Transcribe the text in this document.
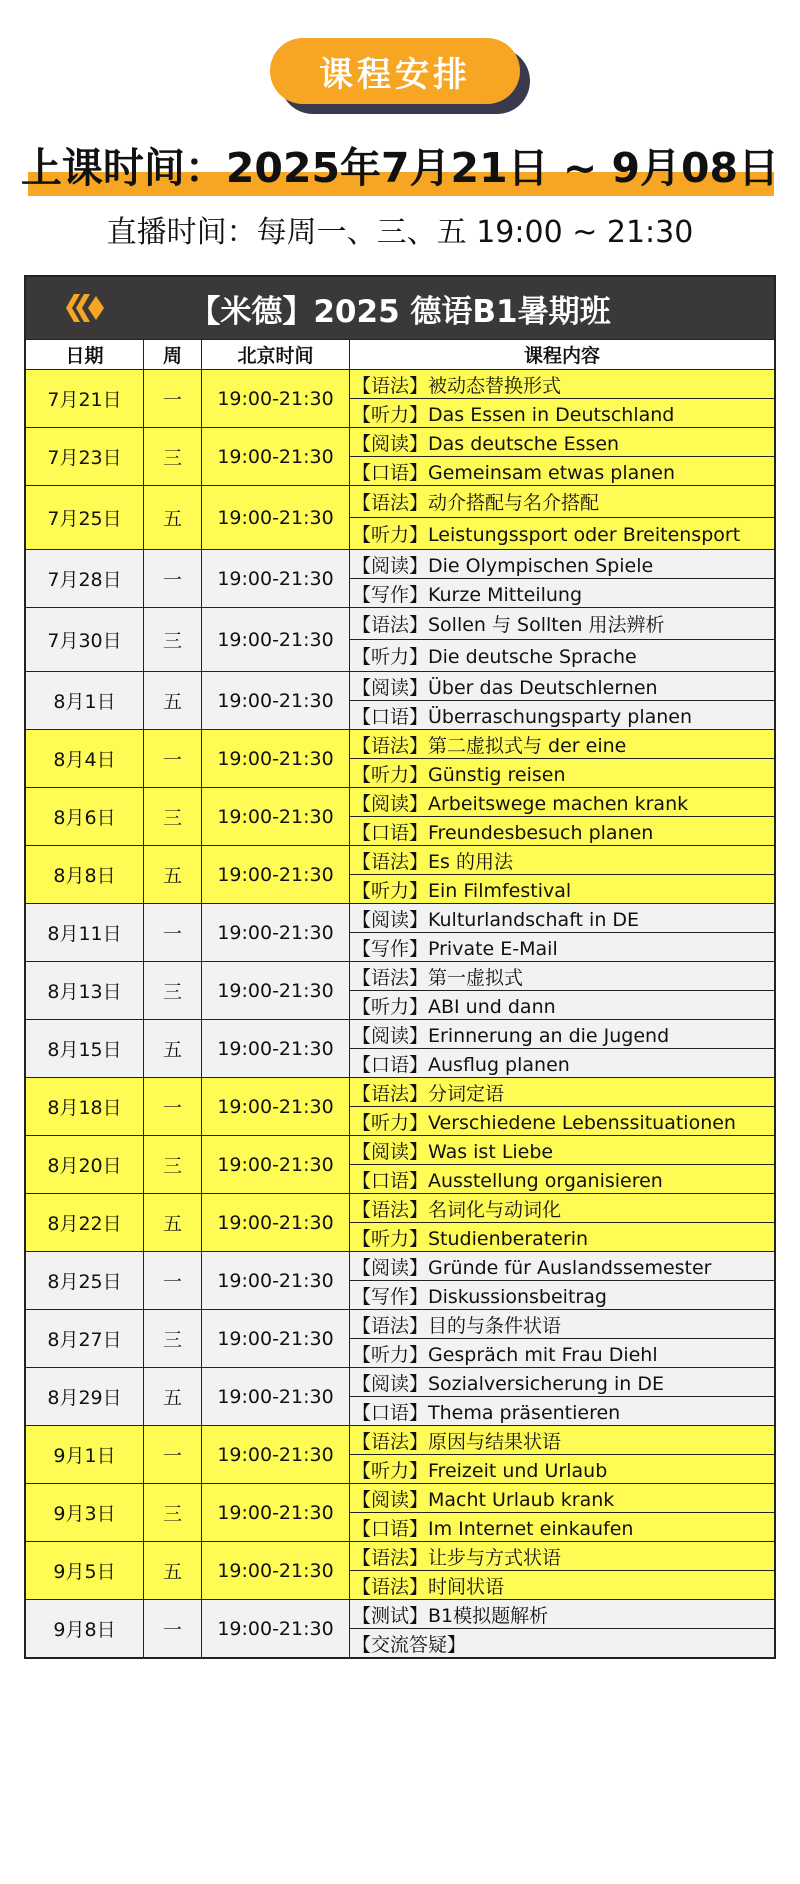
课程安排
上课时间：2025年7月21日 ~ 9月08日
直播时间：每周一、三、五 19:00 ~ 21:30
【米德】2025 德语B1暑期班
日期	周	北京时间	课程内容
7月21日	一	19:00-21:30
【语法】被动态替换形式
【听力】Das Essen in Deutschland
7月23日	三	19:00-21:30
【阅读】Das deutsche Essen
【口语】Gemeinsam etwas planen
7月25日	五	19:00-21:30
【语法】动介搭配与名介搭配
【听力】Leistungssport oder Breitensport
7月28日	一	19:00-21:30
【阅读】Die Olympischen Spiele
【写作】Kurze Mitteilung
7月30日	三	19:00-21:30
【语法】Sollen 与 Sollten 用法辨析
【听力】Die deutsche Sprache
8月1日	五	19:00-21:30
【阅读】Über das Deutschlernen
【口语】Überraschungsparty planen
8月4日	一	19:00-21:30
【语法】第二虚拟式与 der eine
【听力】Günstig reisen
8月6日	三	19:00-21:30
【阅读】Arbeitswege machen krank
【口语】Freundesbesuch planen
8月8日	五	19:00-21:30
【语法】Es 的用法
【听力】Ein Filmfestival
8月11日	一	19:00-21:30
【阅读】Kulturlandschaft in DE
【写作】Private E-Mail
8月13日	三	19:00-21:30
【语法】第一虚拟式
【听力】ABI und dann
8月15日	五	19:00-21:30
【阅读】Erinnerung an die Jugend
【口语】Ausflug planen
8月18日	一	19:00-21:30
【语法】分词定语
【听力】Verschiedene Lebenssituationen
8月20日	三	19:00-21:30
【阅读】Was ist Liebe
【口语】Ausstellung organisieren
8月22日	五	19:00-21:30
【语法】名词化与动词化
【听力】Studienberaterin
8月25日	一	19:00-21:30
【阅读】Gründe für Auslandssemester
【写作】Diskussionsbeitrag
8月27日	三	19:00-21:30
【语法】目的与条件状语
【听力】Gespräch mit Frau Diehl
8月29日	五	19:00-21:30
【阅读】Sozialversicherung in DE
【口语】Thema präsentieren
9月1日	一	19:00-21:30
【语法】原因与结果状语
【听力】Freizeit und Urlaub
9月3日	三	19:00-21:30
【阅读】Macht Urlaub krank
【口语】Im Internet einkaufen
9月5日	五	19:00-21:30
【语法】让步与方式状语
【语法】时间状语
9月8日	一	19:00-21:30
【测试】B1模拟题解析
【交流答疑】
